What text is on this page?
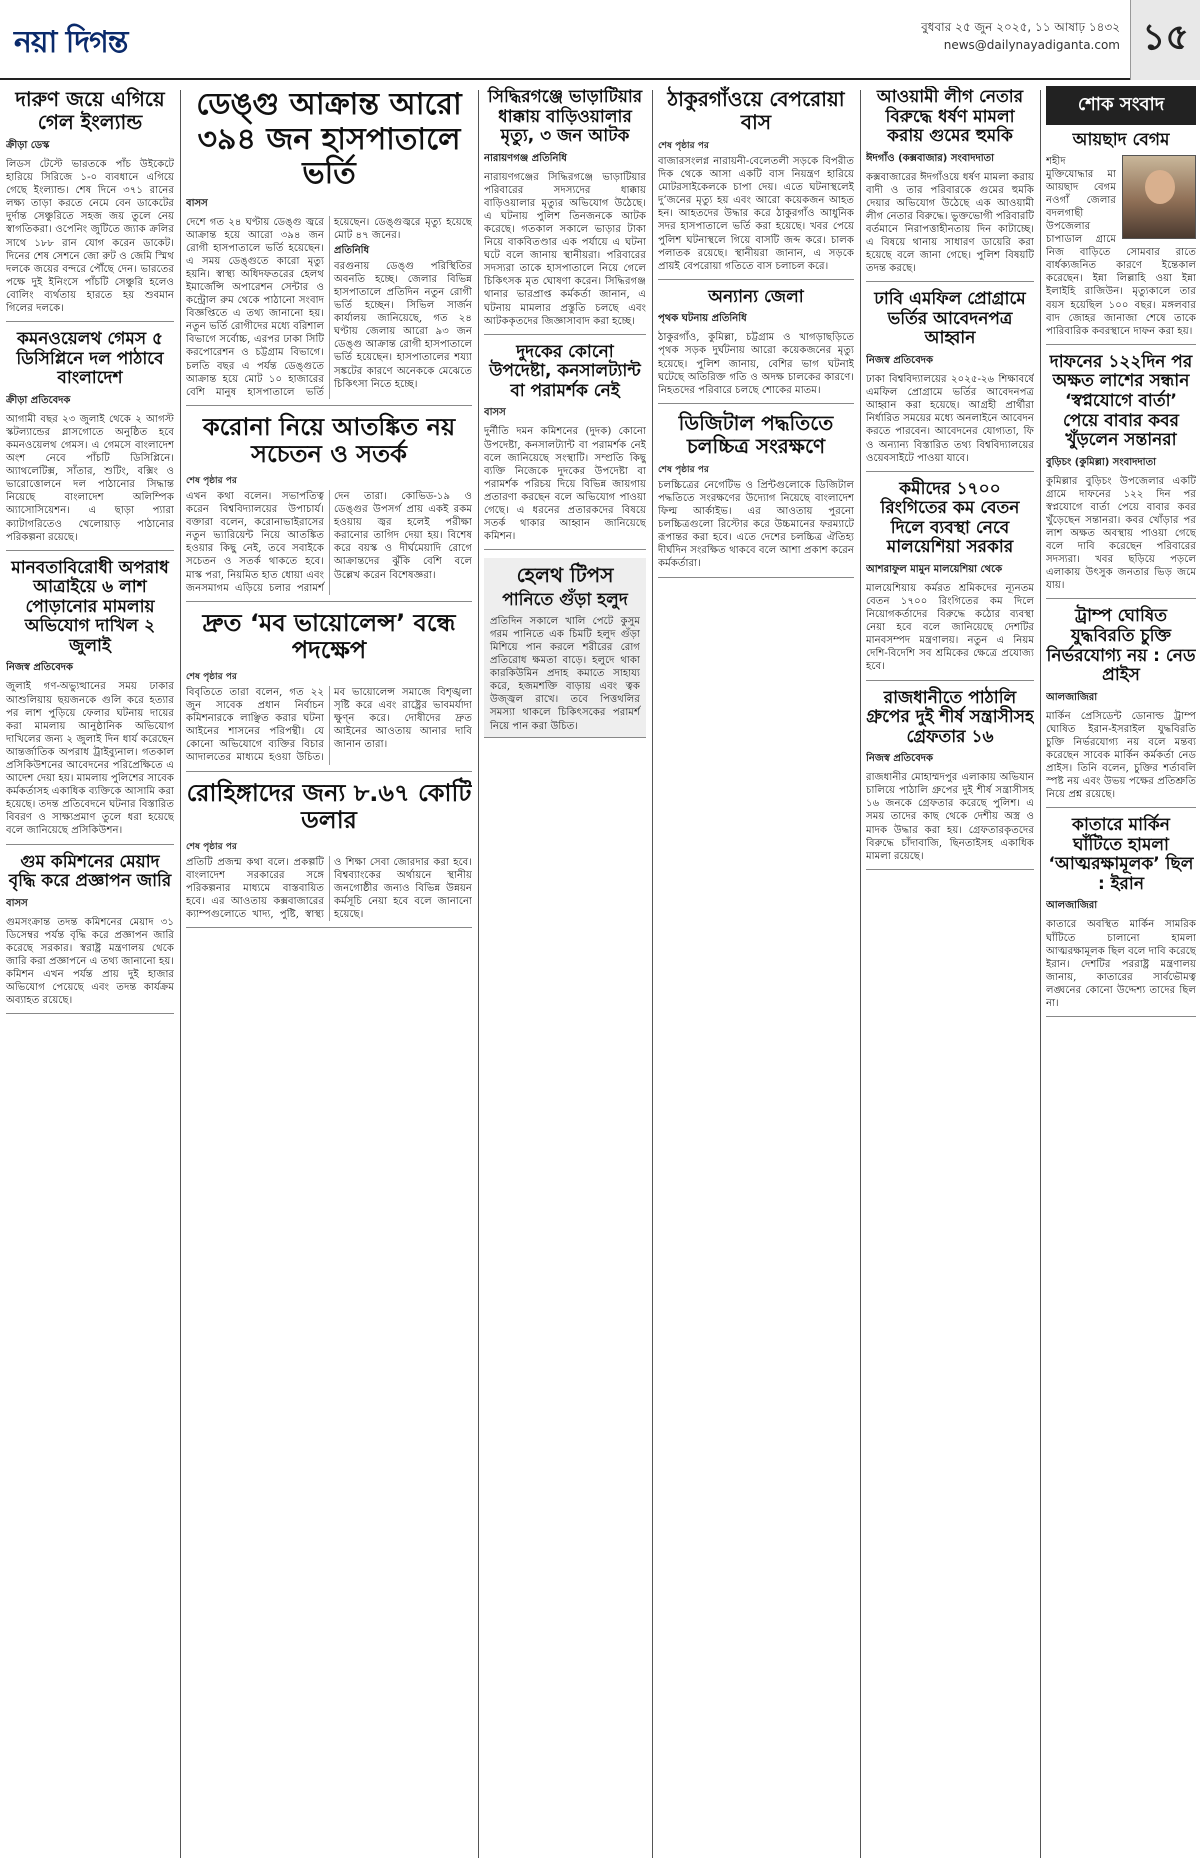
নয়া দিগন্ত	বুধবার ২৫ জুন ২০২৫, ১১ আষাঢ় ১৪৩২
news@dailynayadiganta.com ১৫
দারুণ জয়ে এগিয়ে গেল ইংল্যান্ড
ক্রীড়া ডেস্ক
লিডস টেস্টে ভারতকে পাঁচ উইকেটে হারিয়ে সিরিজে ১-০ ব্যবধানে এগিয়ে গেছে ইংল্যান্ড। শেষ দিনে ৩৭১ রানের লক্ষ্য তাড়া করতে নেমে বেন ডাকেটের দুর্দান্ত সেঞ্চুরিতে সহজ জয় তুলে নেয় স্বাগতিকরা। ওপেনিং জুটিতে জ্যাক ক্রলির সাথে ১৮৮ রান যোগ করেন ডাকেট। দিনের শেষ সেশনে জো রুট ও জেমি স্মিথ দলকে জয়ের বন্দরে পৌঁছে দেন। ভারতের পক্ষে দুই ইনিংসে পাঁচটি সেঞ্চুরি হলেও বোলিং ব্যর্থতায় হারতে হয় শুবমান গিলের দলকে।
কমনওয়েলথ গেমস ৫ ডিসিপ্লিনে দল পাঠাবে বাংলাদেশ
ক্রীড়া প্রতিবেদক
আগামী বছর ২৩ জুলাই থেকে ২ আগস্ট স্কটল্যান্ডের গ্লাসগোতে অনুষ্ঠিত হবে কমনওয়েলথ গেমস। এ গেমসে বাংলাদেশ অংশ নেবে পাঁচটি ডিসিপ্লিনে। অ্যাথলেটিক্স, সাঁতার, শুটিং, বক্সিং ও ভারোত্তোলনে দল পাঠানোর সিদ্ধান্ত নিয়েছে বাংলাদেশ অলিম্পিক অ্যাসোসিয়েশন। এ ছাড়া প্যারা ক্যাটাগরিতেও খেলোয়াড় পাঠানোর পরিকল্পনা রয়েছে।
মানবতাবিরোধী অপরাধ আত্রাইয়ে ৬ লাশ পোড়ানোর মামলায় অভিযোগ দাখিল ২ জুলাই
নিজস্ব প্রতিবেদক
জুলাই গণ-অভ্যুত্থানের সময় ঢাকার আশুলিয়ায় ছয়জনকে গুলি করে হত্যার পর লাশ পুড়িয়ে ফেলার ঘটনায় দায়ের করা মামলায় আনুষ্ঠানিক অভিযোগ দাখিলের জন্য ২ জুলাই দিন ধার্য করেছেন আন্তর্জাতিক অপরাধ ট্রাইব্যুনাল। গতকাল প্রসিকিউশনের আবেদনের পরিপ্রেক্ষিতে এ আদেশ দেয়া হয়। মামলায় পুলিশের সাবেক কর্মকর্তাসহ একাধিক ব্যক্তিকে আসামি করা হয়েছে। তদন্ত প্রতিবেদনে ঘটনার বিস্তারিত বিবরণ ও সাক্ষ্যপ্রমাণ তুলে ধরা হয়েছে বলে জানিয়েছে প্রসিকিউশন।
গুম কমিশনের মেয়াদ বৃদ্ধি করে প্রজ্ঞাপন জারি
বাসস
গুমসংক্রান্ত তদন্ত কমিশনের মেয়াদ ৩১ ডিসেম্বর পর্যন্ত বৃদ্ধি করে প্রজ্ঞাপন জারি করেছে সরকার। স্বরাষ্ট্র মন্ত্রণালয় থেকে জারি করা প্রজ্ঞাপনে এ তথ্য জানানো হয়। কমিশন এখন পর্যন্ত প্রায় দুই হাজার অভিযোগ পেয়েছে এবং তদন্ত কার্যক্রম অব্যাহত রয়েছে।
ডেঙ্গু আক্রান্ত আরো ৩৯৪ জন হাসপাতালে ভর্তি
বাসস
দেশে গত ২৪ ঘণ্টায় ডেঙ্গু জ্বরে আক্রান্ত হয়ে আরো ৩৯৪ জন রোগী হাসপাতালে ভর্তি হয়েছেন। এ সময় ডেঙ্গুতে কারো মৃত্যু হয়নি। স্বাস্থ্য অধিদফতরের হেলথ ইমার্জেন্সি অপারেশন সেন্টার ও কন্ট্রোল রুম থেকে পাঠানো সংবাদ বিজ্ঞপ্তিতে এ তথ্য জানানো হয়। নতুন ভর্তি রোগীদের মধ্যে বরিশাল বিভাগে সর্বোচ্চ, এরপর ঢাকা সিটি করপোরেশন ও চট্টগ্রাম বিভাগে। চলতি বছর এ পর্যন্ত ডেঙ্গুতে আক্রান্ত হয়ে মোট ১০ হাজারের বেশি মানুষ হাসপাতালে ভর্তি হয়েছেন। ডেঙ্গুজ্বরে মৃত্যু হয়েছে মোট ৪৭ জনের।
প্রতিনিধি
বরগুনায় ডেঙ্গু পরিস্থিতির অবনতি হচ্ছে। জেলার বিভিন্ন হাসপাতালে প্রতিদিন নতুন রোগী ভর্তি হচ্ছেন। সিভিল সার্জন কার্যালয় জানিয়েছে, গত ২৪ ঘণ্টায় জেলায় আরো ৯৩ জন ডেঙ্গু আক্রান্ত রোগী হাসপাতালে ভর্তি হয়েছেন। হাসপাতালের শয্যা সঙ্কটের কারণে অনেককে মেঝেতে চিকিৎসা নিতে হচ্ছে।
করোনা নিয়ে আতঙ্কিত নয় সচেতন ও সতর্ক
শেষ পৃষ্ঠার পর
এখন কথা বলেন। সভাপতিত্ব করেন বিশ্ববিদ্যালয়ের উপাচার্য। বক্তারা বলেন, করোনাভাইরাসের নতুন ভ্যারিয়েন্ট নিয়ে আতঙ্কিত হওয়ার কিছু নেই, তবে সবাইকে সচেতন ও সতর্ক থাকতে হবে। মাস্ক পরা, নিয়মিত হাত ধোয়া এবং জনসমাগম এড়িয়ে চলার পরামর্শ দেন তারা। কোভিড-১৯ ও ডেঙ্গুর উপসর্গ প্রায় একই রকম হওয়ায় জ্বর হলেই পরীক্ষা করানোর তাগিদ দেয়া হয়। বিশেষ করে বয়স্ক ও দীর্ঘমেয়াদি রোগে আক্রান্তদের ঝুঁকি বেশি বলে উল্লেখ করেন বিশেষজ্ঞরা।
দ্রুত ‘মব ভায়োলেন্স’ বন্ধে পদক্ষেপ
শেষ পৃষ্ঠার পর
বিবৃতিতে তারা বলেন, গত ২২ জুন সাবেক প্রধান নির্বাচন কমিশনারকে লাঞ্ছিত করার ঘটনা আইনের শাসনের পরিপন্থী। যে কোনো অভিযোগে ব্যক্তির বিচার আদালতের মাধ্যমে হওয়া উচিত। মব ভায়োলেন্স সমাজে বিশৃঙ্খলা সৃষ্টি করে এবং রাষ্ট্রের ভাবমর্যাদা ক্ষুণ্ন করে। দোষীদের দ্রুত আইনের আওতায় আনার দাবি জানান তারা।
রোহিঙ্গাদের জন্য ৮.৬৭ কোটি ডলার
শেষ পৃষ্ঠার পর
প্রতিটি প্রজন্ম কথা বলে। প্রকল্পটি বাংলাদেশ সরকারের সঙ্গে পরিকল্পনার মাধ্যমে বাস্তবায়িত হবে। এর আওতায় কক্সবাজারের ক্যাম্পগুলোতে খাদ্য, পুষ্টি, স্বাস্থ্য ও শিক্ষা সেবা জোরদার করা হবে। বিশ্বব্যাংকের অর্থায়নে স্থানীয় জনগোষ্ঠীর জন্যও বিভিন্ন উন্নয়ন কর্মসূচি নেয়া হবে বলে জানানো হয়েছে।
সিদ্ধিরগঞ্জে ভাড়াটিয়ার ধাক্কায় বাড়িওয়ালার মৃত্যু, ৩ জন আটক
নারায়ণগঞ্জ প্রতিনিধি
নারায়ণগঞ্জের সিদ্ধিরগঞ্জে ভাড়াটিয়ার পরিবারের সদস্যদের ধাক্কায় বাড়িওয়ালার মৃত্যুর অভিযোগ উঠেছে। এ ঘটনায় পুলিশ তিনজনকে আটক করেছে। গতকাল সকালে ভাড়ার টাকা নিয়ে বাকবিতণ্ডার এক পর্যায়ে এ ঘটনা ঘটে বলে জানায় স্থানীয়রা। পরিবারের সদস্যরা তাকে হাসপাতালে নিয়ে গেলে চিকিৎসক মৃত ঘোষণা করেন। সিদ্ধিরগঞ্জ থানার ভারপ্রাপ্ত কর্মকর্তা জানান, এ ঘটনায় মামলার প্রস্তুতি চলছে এবং আটককৃতদের জিজ্ঞাসাবাদ করা হচ্ছে।
দুদকের কোনো উপদেষ্টা, কনসালট্যান্ট বা পরামর্শক নেই
বাসস
দুর্নীতি দমন কমিশনের (দুদক) কোনো উপদেষ্টা, কনসালট্যান্ট বা পরামর্শক নেই বলে জানিয়েছে সংস্থাটি। সম্প্রতি কিছু ব্যক্তি নিজেকে দুদকের উপদেষ্টা বা পরামর্শক পরিচয় দিয়ে বিভিন্ন জায়গায় প্রতারণা করছেন বলে অভিযোগ পাওয়া গেছে। এ ধরনের প্রতারকদের বিষয়ে সতর্ক থাকার আহ্বান জানিয়েছে কমিশন।
হেলথ টিপস
পানিতে গুঁড়া হলুদ
প্রতিদিন সকালে খালি পেটে কুসুম গরম পানিতে এক চিমটি হলুদ গুঁড়া মিশিয়ে পান করলে শরীরের রোগ প্রতিরোধ ক্ষমতা বাড়ে। হলুদে থাকা কারকিউমিন প্রদাহ কমাতে সাহায্য করে, হজমশক্তি বাড়ায় এবং ত্বক উজ্জ্বল রাখে। তবে পিত্তথলির সমস্যা থাকলে চিকিৎসকের পরামর্শ নিয়ে পান করা উচিত।
ঠাকুরগাঁওয়ে বেপরোয়া বাস
শেষ পৃষ্ঠার পর
বাজারসংলগ্ন নারায়নী-বেলেতলী সড়কে বিপরীত দিক থেকে আসা একটি বাস নিয়ন্ত্রণ হারিয়ে মোটরসাইকেলকে চাপা দেয়। এতে ঘটনাস্থলেই দু’জনের মৃত্যু হয় এবং আরো কয়েকজন আহত হন। আহতদের উদ্ধার করে ঠাকুরগাঁও আধুনিক সদর হাসপাতালে ভর্তি করা হয়েছে। খবর পেয়ে পুলিশ ঘটনাস্থলে গিয়ে বাসটি জব্দ করে। চালক পলাতক রয়েছে। স্থানীয়রা জানান, এ সড়কে প্রায়ই বেপরোয়া গতিতে বাস চলাচল করে।
অন্যান্য জেলা
পৃথক ঘটনায় প্রতিনিধি
ঠাকুরগাঁও, কুমিল্লা, চট্টগ্রাম ও খাগড়াছড়িতে পৃথক সড়ক দুর্ঘটনায় আরো কয়েকজনের মৃত্যু হয়েছে। পুলিশ জানায়, বেশির ভাগ ঘটনাই ঘটেছে অতিরিক্ত গতি ও অদক্ষ চালকের কারণে। নিহতদের পরিবারে চলছে শোকের মাতম।
ডিজিটাল পদ্ধতিতে চলচ্চিত্র সংরক্ষণে
শেষ পৃষ্ঠার পর
চলচ্চিত্রের নেগেটিভ ও প্রিন্টগুলোকে ডিজিটাল পদ্ধতিতে সংরক্ষণের উদ্যোগ নিয়েছে বাংলাদেশ ফিল্ম আর্কাইভ। এর আওতায় পুরনো চলচ্চিত্রগুলো রিস্টোর করে উচ্চমানের ফরম্যাটে রূপান্তর করা হবে। এতে দেশের চলচ্চিত্র ঐতিহ্য দীর্ঘদিন সংরক্ষিত থাকবে বলে আশা প্রকাশ করেন কর্মকর্তারা।
আওয়ামী লীগ নেতার বিরুদ্ধে ধর্ষণ মামলা করায় গুমের হুমকি
ঈদগাঁও (কক্সবাজার) সংবাদদাতা
কক্সবাজারের ঈদগাঁওয়ে ধর্ষণ মামলা করায় বাদী ও তার পরিবারকে গুমের হুমকি দেয়ার অভিযোগ উঠেছে এক আওয়ামী লীগ নেতার বিরুদ্ধে। ভুক্তভোগী পরিবারটি বর্তমানে নিরাপত্তাহীনতায় দিন কাটাচ্ছে। এ বিষয়ে থানায় সাধারণ ডায়েরি করা হয়েছে বলে জানা গেছে। পুলিশ বিষয়টি তদন্ত করছে।
ঢাবি এমফিল প্রোগ্রামে ভর্তির আবেদনপত্র আহ্বান
নিজস্ব প্রতিবেদক
ঢাকা বিশ্ববিদ্যালয়ের ২০২৫-২৬ শিক্ষাবর্ষে এমফিল প্রোগ্রামে ভর্তির আবেদনপত্র আহ্বান করা হয়েছে। আগ্রহী প্রার্থীরা নির্ধারিত সময়ের মধ্যে অনলাইনে আবেদন করতে পারবেন। আবেদনের যোগ্যতা, ফি ও অন্যান্য বিস্তারিত তথ্য বিশ্ববিদ্যালয়ের ওয়েবসাইটে পাওয়া যাবে।
কমীদের ১৭০০ রিংগিতের কম বেতন দিলে ব্যবস্থা নেবে মালয়েশিয়া সরকার
আশরাফুল মামুন মালয়েশিয়া থেকে
মালয়েশিয়ায় কর্মরত শ্রমিকদের ন্যূনতম বেতন ১৭০০ রিংগিতের কম দিলে নিয়োগকর্তাদের বিরুদ্ধে কঠোর ব্যবস্থা নেয়া হবে বলে জানিয়েছে দেশটির মানবসম্পদ মন্ত্রণালয়। নতুন এ নিয়ম দেশি-বিদেশি সব শ্রমিকের ক্ষেত্রে প্রযোজ্য হবে।
রাজধানীতে পাঠালি গ্রুপের দুই শীর্ষ সন্ত্রাসীসহ গ্রেফতার ১৬
নিজস্ব প্রতিবেদক
রাজধানীর মোহাম্মদপুর এলাকায় অভিযান চালিয়ে পাঠালি গ্রুপের দুই শীর্ষ সন্ত্রাসীসহ ১৬ জনকে গ্রেফতার করেছে পুলিশ। এ সময় তাদের কাছ থেকে দেশীয় অস্ত্র ও মাদক উদ্ধার করা হয়। গ্রেফতারকৃতদের বিরুদ্ধে চাঁদাবাজি, ছিনতাইসহ একাধিক মামলা রয়েছে।
শোক সংবাদ
আয়ছাদ বেগম
শহীদ মুক্তিযোদ্ধার মা আয়ছাদ বেগম নওগাঁ জেলার বদলগাছী উপজেলার চাপাডাল গ্রামে নিজ বাড়িতে সোমবার রাতে বার্ধক্যজনিত কারণে ইন্তেকাল করেছেন। ইন্না লিল্লাহি ওয়া ইন্না ইলাইহি রাজিউন। মৃত্যুকালে তার বয়স হয়েছিল ১০০ বছর। মঙ্গলবার বাদ জোহর জানাজা শেষে তাকে পারিবারিক কবরস্থানে দাফন করা হয়।
দাফনের ১২২দিন পর অক্ষত লাশের সন্ধান ‘স্বপ্নযোগে বার্তা’ পেয়ে বাবার কবর খুঁড়লেন সন্তানরা
বুড়িচং (কুমিল্লা) সংবাদদাতা
কুমিল্লার বুড়িচং উপজেলার একটি গ্রামে দাফনের ১২২ দিন পর স্বপ্নযোগে বার্তা পেয়ে বাবার কবর খুঁড়েছেন সন্তানরা। কবর খোঁড়ার পর লাশ অক্ষত অবস্থায় পাওয়া গেছে বলে দাবি করেছেন পরিবারের সদস্যরা। খবর ছড়িয়ে পড়লে এলাকায় উৎসুক জনতার ভিড় জমে যায়।
ট্রাম্প ঘোষিত যুদ্ধবিরতি চুক্তি নির্ভরযোগ্য নয় : নেড প্রাইস
আলজাজিরা
মার্কিন প্রেসিডেন্ট ডোনাল্ড ট্রাম্প ঘোষিত ইরান-ইসরাইল যুদ্ধবিরতি চুক্তি নির্ভরযোগ্য নয় বলে মন্তব্য করেছেন সাবেক মার্কিন কর্মকর্তা নেড প্রাইস। তিনি বলেন, চুক্তির শর্তাবলি স্পষ্ট নয় এবং উভয় পক্ষের প্রতিশ্রুতি নিয়ে প্রশ্ন রয়েছে।
কাতারে মার্কিন ঘাঁটিতে হামলা ‘আত্মরক্ষামূলক’ ছিল : ইরান
আলজাজিরা
কাতারে অবস্থিত মার্কিন সামরিক ঘাঁটিতে চালানো হামলা আত্মরক্ষামূলক ছিল বলে দাবি করেছে ইরান। দেশটির পররাষ্ট্র মন্ত্রণালয় জানায়, কাতারের সার্বভৌমত্ব লঙ্ঘনের কোনো উদ্দেশ্য তাদের ছিল না।
